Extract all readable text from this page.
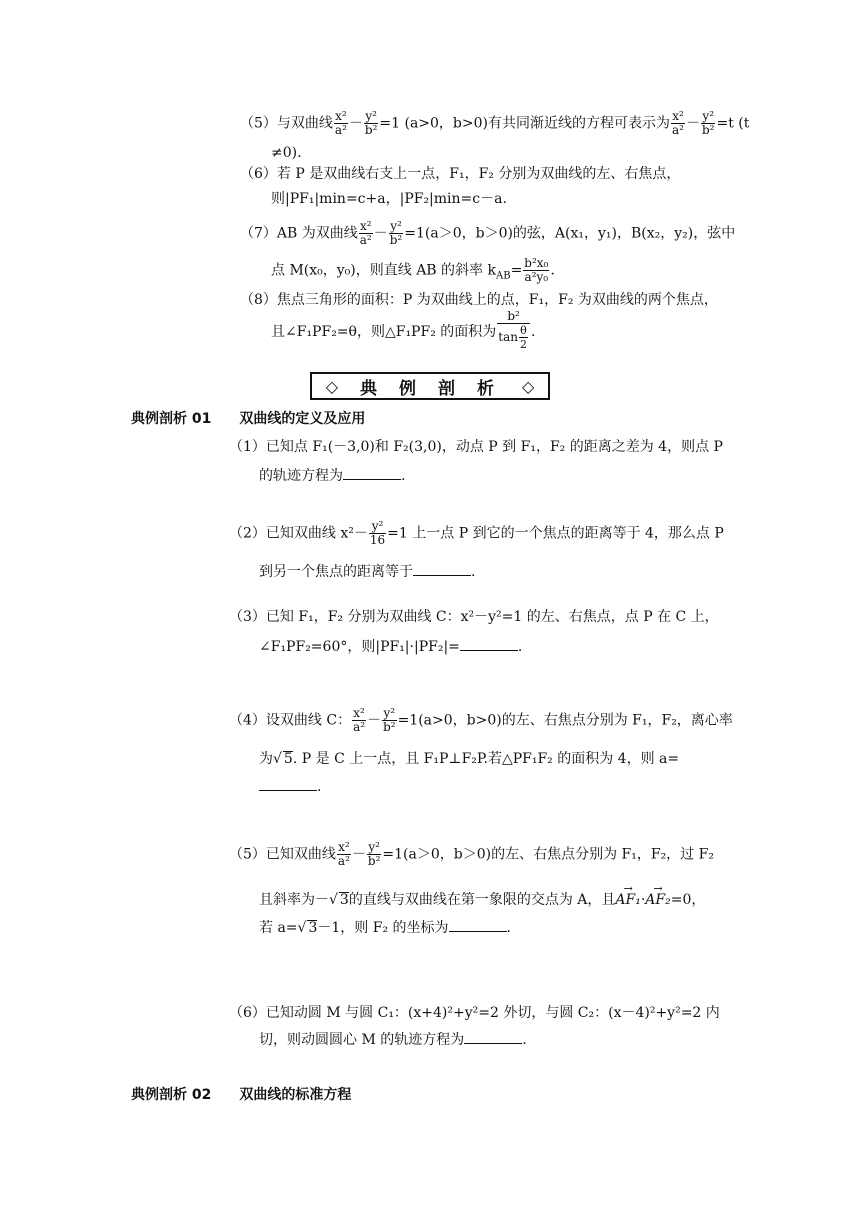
（5）与双曲线 $\frac{\text{x²}}{\text{a²}} - \frac{\text{y²}}{\text{b²}} =1$ (a>0，b>0)有共同渐近线的方程可表示为 $\frac{\text{x²}}{\text{a²}} - \frac{\text{y²}}{\text{b²}} =t$ (t
≠0).
（6）若 P 是双曲线右支上一点，F₁，F₂ 分别为双曲线的左、右焦点，
则|PF₁|min=c+a，|PF₂|min=c－a.
（7）AB 为双曲线 $\frac{\text{x²}}{\text{a²}} - \frac{\text{y²}}{\text{b²}} =1(a>0$，b＞0)的弦，A(x₁，y₁)，B(x₂，y₂)，弦中
点 M(x₀，y₀)，则直线 AB 的斜率 $k_{AB}= \frac{\text{b²x₀}}{\text{a²y₀}}$ .
（8）焦点三角形的面积：P 为双曲线上的点，F₁，F₂ 为双曲线的两个焦点，
且∠F₁PF₂=θ，则△F₁PF₂ 的面积为 $\frac{\text{b²}}{\tan \frac{\theta}{2}}$ .
◇ 典例剖析 ◇
典例剖析 01 双曲线的定义及应用
（1）已知点 F₁(－3,0)和 F₂(3,0)，动点 P 到 F₁，F₂ 的距离之差为 4，则点 P
的轨迹方程为	.
（2）已知双曲线 $x^2- \frac{\text{y²}}{16} =1$ 上一点 P 到它的一个焦点的距离等于 4，那么点 P
到另一个焦点的距离等于	.
（3）已知 F₁，F₂ 分别为双曲线 C：x²－y²=1 的左、右焦点，点 P 在 C 上，
∠F₁PF₂=60°，则|PF₁|·|PF₂|=	.
（4）设双曲线 C： $\frac{\text{x²}}{\text{a²}} - \frac{\text{y²}}{\text{b²}} =1(a>0$，b>0)的左、右焦点分别为 F₁，F₂，离心率
为√ 5. P 是 C 上一点，且 F₁P⊥F₂P.若△PF₁F₂ 的面积为 4，则 a=
.
（5）已知双曲线 $\frac{\text{x²}}{\text{a²}} - \frac{\text{y²}}{\text{b²}} =1(a>0$，b＞0)的左、右焦点分别为 F₁，F₂，过 F₂
且斜率为－√ 3的直线与双曲线在第一象限的交点为 A，且→ AF₁·→ AF₂=0，
若 a=√ 3－1，则 F₂ 的坐标为	.
（6）已知动圆 M 与圆 C₁：(x+4)²+y²=2 外切，与圆 C₂：(x－4)²+y²=2 内
切，则动圆圆心 M 的轨迹方程为	.
典例剖析 02 双曲线的标准方程
